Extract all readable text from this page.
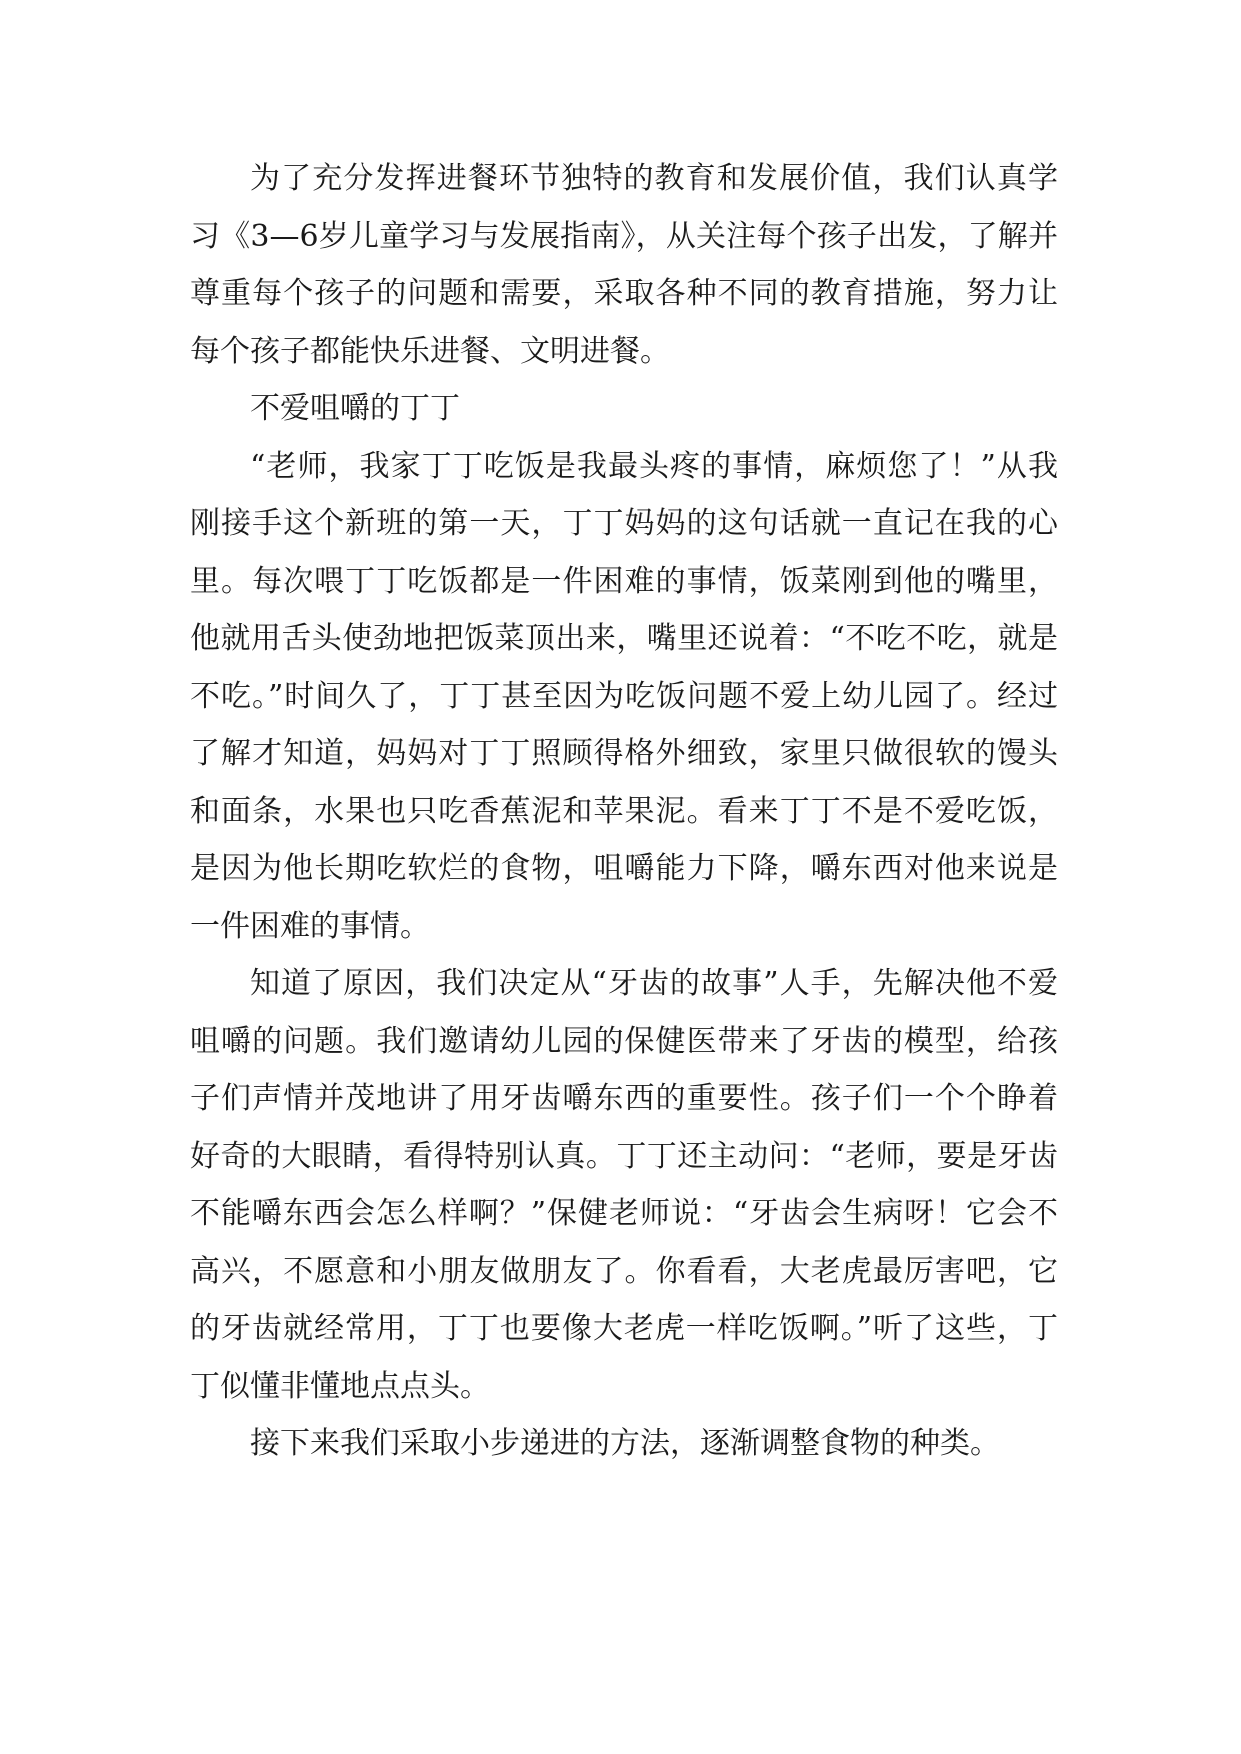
为了充分发挥进餐环节独特的教育和发展价值，我们认真学习《3—6岁儿童学习与发展指南》，从关注每个孩子出发，了解并尊重每个孩子的问题和需要，采取各种不同的教育措施，努力让每个孩子都能快乐进餐、文明进餐。

不爱咀嚼的丁丁

“老师，我家丁丁吃饭是我最头疼的事情，麻烦您了！”从我刚接手这个新班的第一天，丁丁妈妈的这句话就一直记在我的心里。每次喂丁丁吃饭都是一件困难的事情，饭菜刚到他的嘴里，他就用舌头使劲地把饭菜顶出来，嘴里还说着：“不吃不吃，就是不吃。”时间久了，丁丁甚至因为吃饭问题不爱上幼儿园了。经过了解才知道，妈妈对丁丁照顾得格外细致，家里只做很软的馒头和面条，水果也只吃香蕉泥和苹果泥。看来丁丁不是不爱吃饭，是因为他长期吃软烂的食物，咀嚼能力下降，嚼东西对他来说是一件困难的事情。

知道了原因，我们决定从“牙齿的故事”人手，先解决他不爱咀嚼的问题。我们邀请幼儿园的保健医带来了牙齿的模型，给孩子们声情并茂地讲了用牙齿嚼东西的重要性。孩子们一个个睁着好奇的大眼睛，看得特别认真。丁丁还主动问：“老师，要是牙齿不能嚼东西会怎么样啊？”保健老师说：“牙齿会生病呀！它会不高兴，不愿意和小朋友做朋友了。你看看，大老虎最厉害吧，它的牙齿就经常用，丁丁也要像大老虎一样吃饭啊。”听了这些，丁丁似懂非懂地点点头。

接下来我们采取小步递进的方法，逐渐调整食物的种类。
